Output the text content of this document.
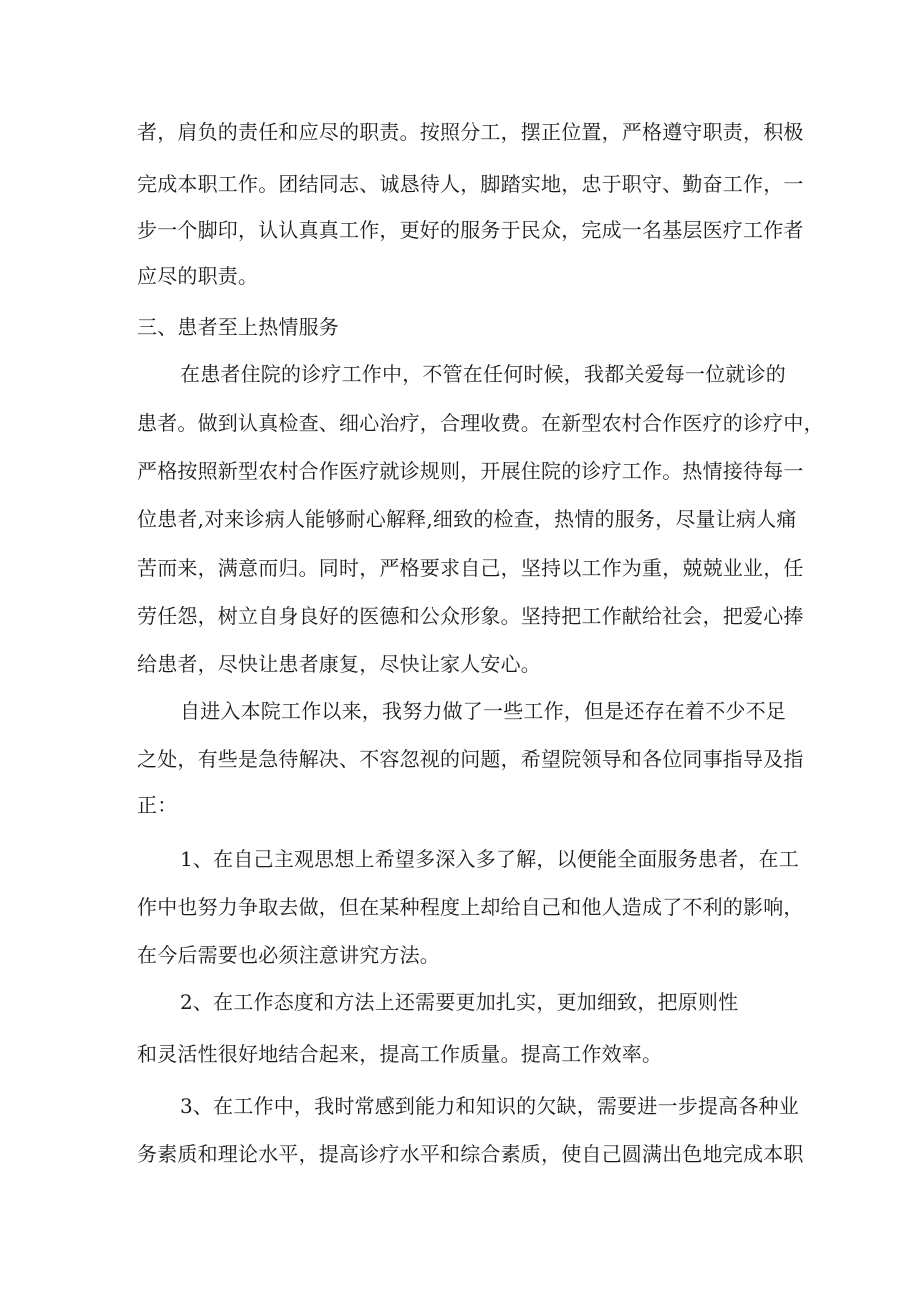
者，肩负的责任和应尽的职责。按照分工，摆正位置，严格遵守职责，积极
完成本职工作。团结同志、诚恳待人，脚踏实地，忠于职守、勤奋工作，一
步一个脚印，认认真真工作，更好的服务于民众，完成一名基层医疗工作者
应尽的职责。
三、患者至上热情服务
在患者住院的诊疗工作中，不管在任何时候，我都关爱每一位就诊的
患者。做到认真检查、细心治疗，合理收费。在新型农村合作医疗的诊疗中，
严格按照新型农村合作医疗就诊规则，开展住院的诊疗工作。热情接待每一
位患者,对来诊病人能够耐心解释,细致的检查，热情的服务，尽量让病人痛
苦而来，满意而归。同时，严格要求自己，坚持以工作为重，兢兢业业，任
劳任怨，树立自身良好的医德和公众形象。坚持把工作献给社会，把爱心捧
给患者，尽快让患者康复，尽快让家人安心。
自进入本院工作以来，我努力做了一些工作，但是还存在着不少不足
之处，有些是急待解决、不容忽视的问题，希望院领导和各位同事指导及指
正：
1、在自己主观思想上希望多深入多了解，以便能全面服务患者，在工
作中也努力争取去做，但在某种程度上却给自己和他人造成了不利的影响，
在今后需要也必须注意讲究方法。
2、在工作态度和方法上还需要更加扎实，更加细致，把原则性
和灵活性很好地结合起来，提高工作质量。提高工作效率。
3、在工作中，我时常感到能力和知识的欠缺，需要进一步提高各种业
务素质和理论水平，提高诊疗水平和综合素质，使自己圆满出色地完成本职
